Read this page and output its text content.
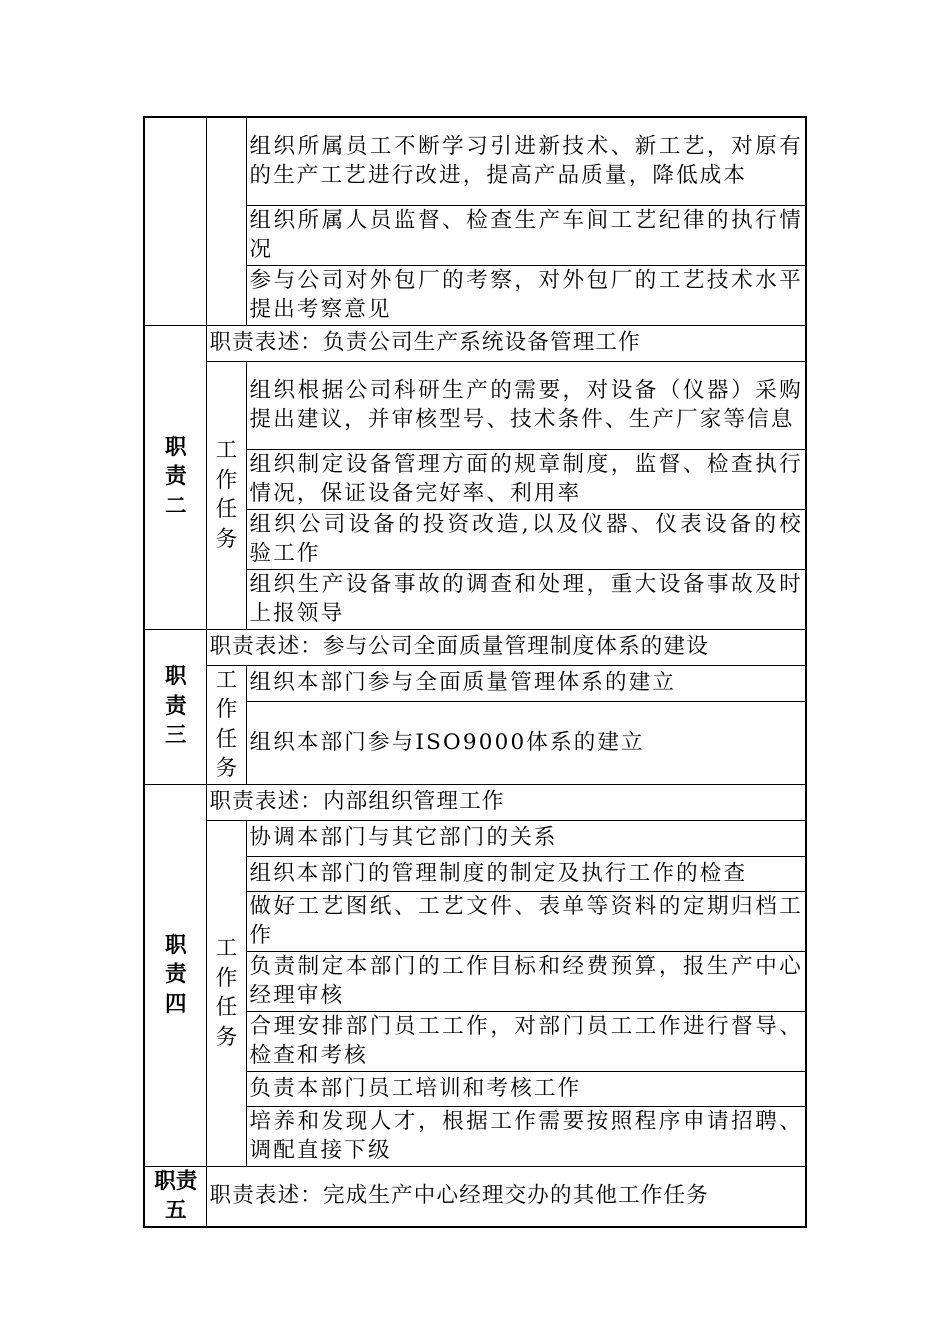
		组织所属员工不断学习引进新技术、新工艺，对原有的生产工艺进行改进，提高产品质量，降低成本
		组织所属人员监督、检查生产车间工艺纪律的执行情况
		参与公司对外包厂的考察，对外包厂的工艺技术水平提出考察意见

职责二	职责表述：负责公司生产系统设备管理工作	

	工作任务	组织根据公司科研生产的需要，对设备（仪器）采购提出建议，并审核型号、技术条件、生产厂家等信息
		组织制定设备管理方面的规章制度，监督、检查执行情况，保证设备完好率、利用率
		组织公司设备的投资改造,以及仪器、仪表设备的校验工作
		组织生产设备事故的调查和处理，重大设备事故及时上报领导

职责三	职责表述：参与公司全面质量管理制度体系的建设	

	工作任务	组织本部门参与全面质量管理体系的建立
		组织本部门参与ISO9000体系的建立

职责四	职责表述：内部组织管理工作	

	工作任务	协调本部门与其它部门的关系
		组织本部门的管理制度的制定及执行工作的检查
		做好工艺图纸、工艺文件、表单等资料的定期归档工作
		负责制定本部门的工作目标和经费预算，报生产中心经理审核
		合理安排部门员工工作，对部门员工工作进行督导、检查和考核
		负责本部门员工培训和考核工作
		培养和发现人才，根据工作需要按照程序申请招聘、调配直接下级

职责五	职责表述：完成生产中心经理交办的其他工作任务	
